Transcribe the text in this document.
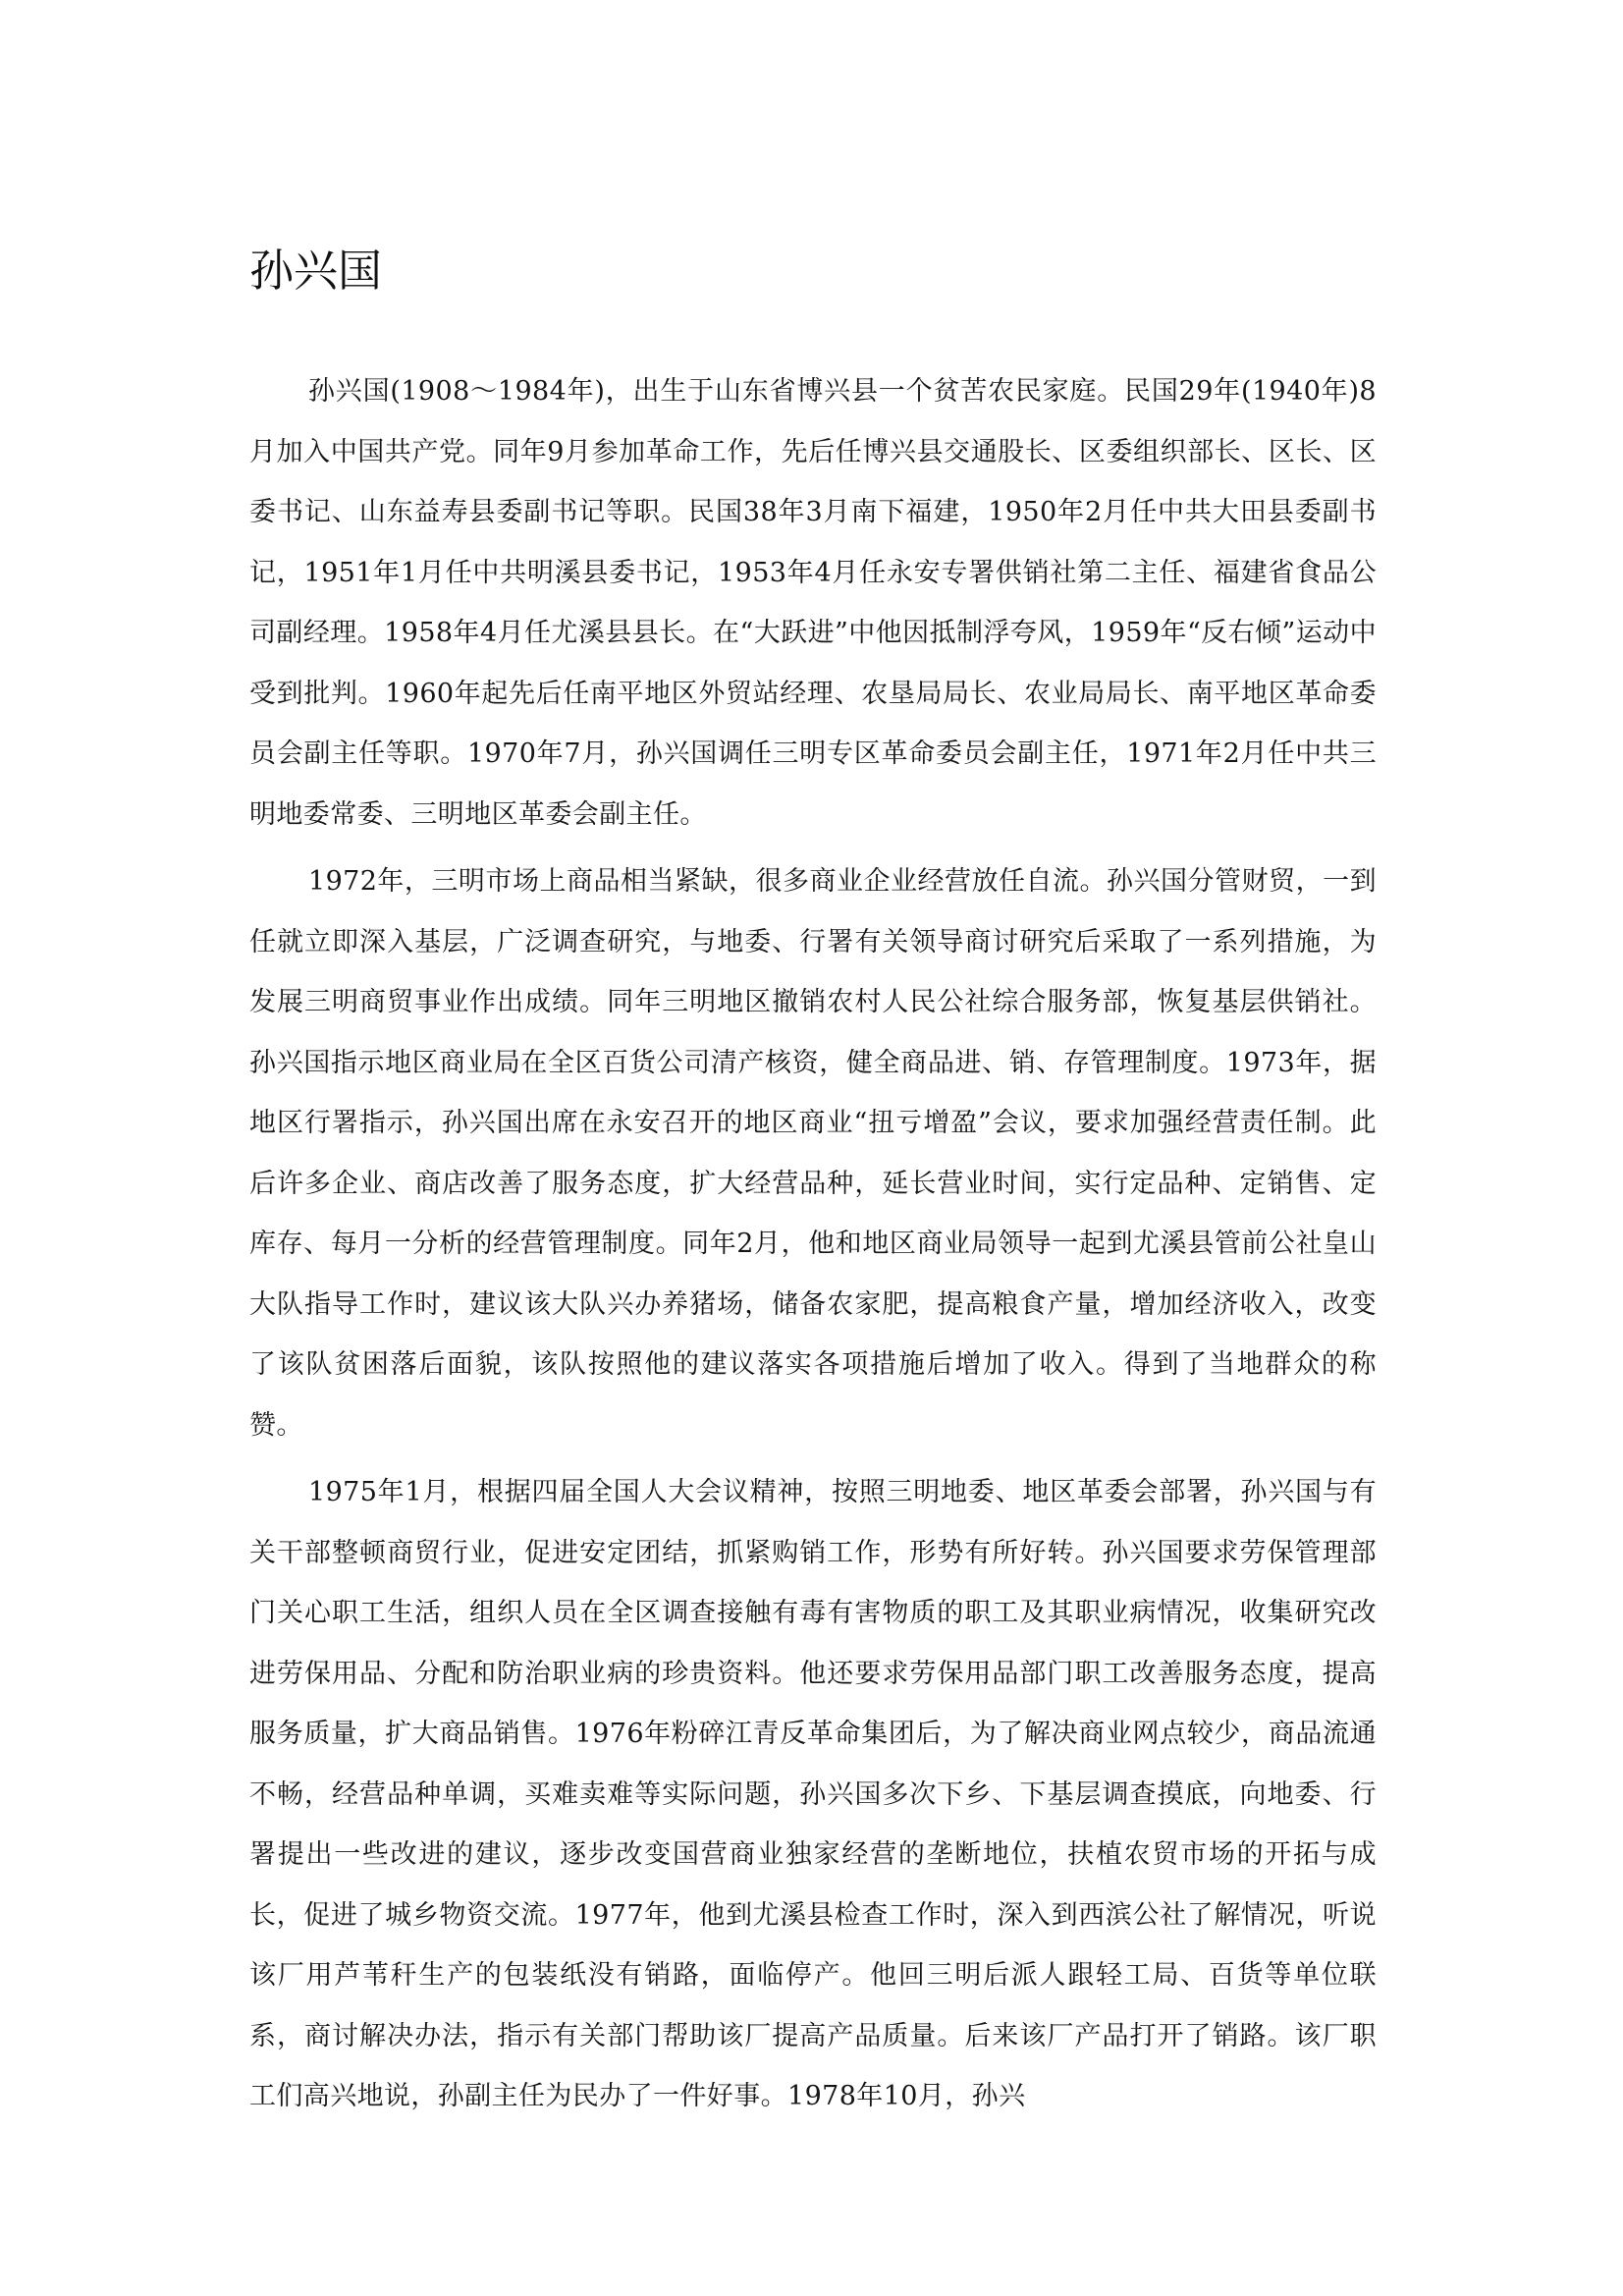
孙兴国

孙兴国(1908～1984年)，出生于山东省博兴县一个贫苦农民家庭。民国29年(1940年)8月加入中国共产党。同年9月参加革命工作，先后任博兴县交通股长、区委组织部长、区长、区委书记、山东益寿县委副书记等职。民国38年3月南下福建，1950年2月任中共大田县委副书记，1951年1月任中共明溪县委书记，1953年4月任永安专署供销社第二主任、福建省食品公司副经理。1958年4月任尤溪县县长。在“大跃进”中他因抵制浮夸风，1959年“反右倾”运动中受到批判。1960年起先后任南平地区外贸站经理、农垦局局长、农业局局长、南平地区革命委员会副主任等职。1970年7月，孙兴国调任三明专区革命委员会副主任，1971年2月任中共三明地委常委、三明地区革委会副主任。

1972年，三明市场上商品相当紧缺，很多商业企业经营放任自流。孙兴国分管财贸，一到任就立即深入基层，广泛调查研究，与地委、行署有关领导商讨研究后采取了一系列措施，为发展三明商贸事业作出成绩。同年三明地区撤销农村人民公社综合服务部，恢复基层供销社。孙兴国指示地区商业局在全区百货公司清产核资，健全商品进、销、存管理制度。1973年，据地区行署指示，孙兴国出席在永安召开的地区商业“扭亏增盈”会议，要求加强经营责任制。此后许多企业、商店改善了服务态度，扩大经营品种，延长营业时间，实行定品种、定销售、定库存、每月一分析的经营管理制度。同年2月，他和地区商业局领导一起到尤溪县管前公社皇山大队指导工作时，建议该大队兴办养猪场，储备农家肥，提高粮食产量，增加经济收入，改变了该队贫困落后面貌，该队按照他的建议落实各项措施后增加了收入。得到了当地群众的称赞。

1975年1月，根据四届全国人大会议精神，按照三明地委、地区革委会部署，孙兴国与有关干部整顿商贸行业，促进安定团结，抓紧购销工作，形势有所好转。孙兴国要求劳保管理部门关心职工生活，组织人员在全区调查接触有毒有害物质的职工及其职业病情况，收集研究改进劳保用品、分配和防治职业病的珍贵资料。他还要求劳保用品部门职工改善服务态度，提高服务质量，扩大商品销售。1976年粉碎江青反革命集团后，为了解决商业网点较少，商品流通不畅，经营品种单调，买难卖难等实际问题，孙兴国多次下乡、下基层调查摸底，向地委、行署提出一些改进的建议，逐步改变国营商业独家经营的垄断地位，扶植农贸市场的开拓与成长，促进了城乡物资交流。1977年，他到尤溪县检查工作时，深入到西滨公社了解情况，听说该厂用芦苇秆生产的包装纸没有销路，面临停产。他回三明后派人跟轻工局、百货等单位联系，商讨解决办法，指示有关部门帮助该厂提高产品质量。后来该厂产品打开了销路。该厂职工们高兴地说，孙副主任为民办了一件好事。1978年10月，孙兴
